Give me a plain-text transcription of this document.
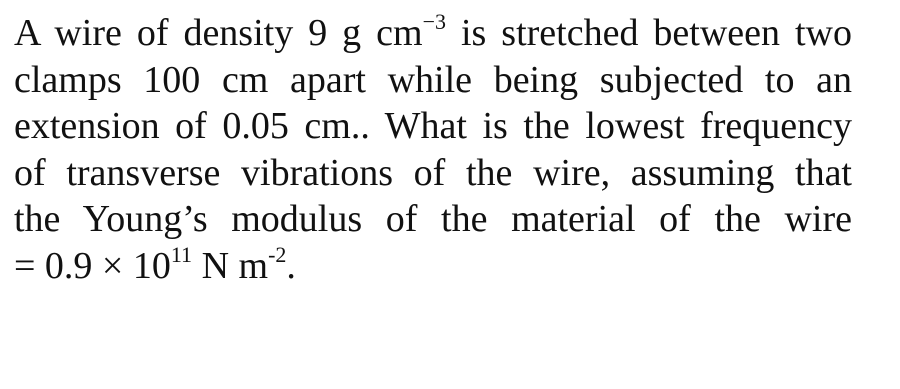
A wire of density 9 g $cm^{-3}$ is stretched between two
clamps 100 cm apart while being subjected to an
extension of 0.05 cm.. What is the lowest frequency
of transverse vibrations of the wire, assuming that
the Young’s modulus of the material of the wire
= $0.9 \times 10^{11}$ N $m^{-2}$.
